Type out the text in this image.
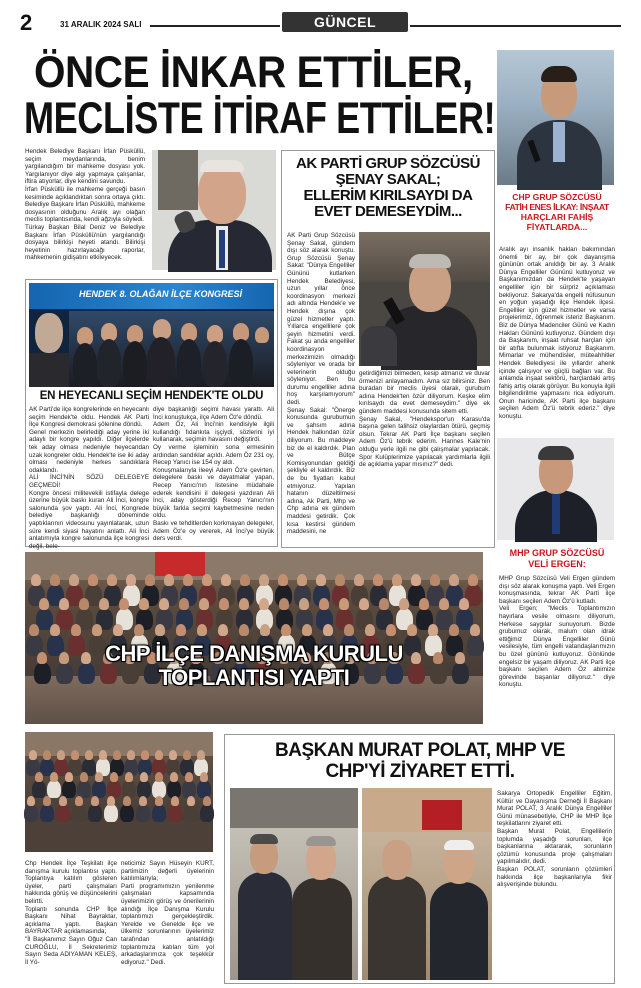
2	31 ARALIK 2024 SALI	GÜNCEL
ÖNCE İNKAR ETTİLER,
MECLİSTE İTİRAF ETTİLER!
CHP GRUP SÖZCÜSÜ
FATİH ENES İLKAY: İNŞAAT
HARÇLARI FAHİŞ
FİYATLARDA...
Aralık ayı insanlık hakları bakımından önemli bir ay, bir çok dayanışma gününün ortak anıldığı bir ay. 3 Aralık Dünya Engelliler Gününü kutluyoruz ve Başkanımızdan da Hendek'te yaşayan engelliler için bir sürpriz açıklaması bekliyoruz. Sakarya'da engelli nüfusunun en yoğun yaşadığı ilçe Hendek ilçesi. Engelliler için güzel hizmetler ve varsa projelerimiz, öğrenmek isteriz Başkanım. Biz de Dünya Madenciler Günü ve Kadın Hakları Gününü kutluyoruz. Gündem dışı da Başkanım, inşaat ruhsat harçları için bir atıfta bulunmak istiyoruz Başkanım. Mimarlar ve mühendisler, müteahhitler Hendek Belediyesi ile yıllardır ahenk içinde çalışıyor ve güçlü bağları var. Bu anlamda inşaat sektörü, harçlardaki artış fahiş artış olarak görüyor. Bu konuyla ilgili bilgilendirilme yapmasını rica ediyorum. Onun haricinde, AK Parti ilçe başkanı seçilen Adem Öz'ü tebrik ederiz." diye konuştu.
MHP GRUP SÖZCÜSÜ
VELİ ERGEN:
MHP Grup Sözcüsü Veli Ergen gündem dışı söz alarak konuşma yaptı. Veli Ergen konuşmasında, tekrar AK Parti ilçe başkanı seçilen Adem Öz'ü kutladı.
Veli Ergen; "Meclis Toplantımızın hayırlara vesile olmasını diliyorum, Herkese saygılar sunuyorum. Bizde grubumuz olarak, malum olan idrak ettiğimiz Dünya Engelliler Günü vesilesiyle, tüm engelli vatandaşlarımızın bu özel gününü kutluyoruz. Gönlünde engelsiz bir yaşam diliyoruz. AK Parti ilçe başkanı seçilen Adem Öz abimize görevinde başarılar diliyoruz." diye konuştu.
Hendek Belediye Başkanı İrfan Püsküllü, seçim meydanlarında, benim yargılandığım bir mahkeme dosyası yok. Yargılanıyor diye algı yapmaya çalışanlar, iftira atıyorlar, diye kendini savundu.
İrfan Püsküllü ile mahkeme gerçeği basın kesiminde açıklandıktan sonra ortaya çıktı. Belediye Başkanı İrfan Püsküllü, mahkeme dosyasının olduğunu Aralık ayı olağan meclis toplantısında, kendi ağzıyla söyledi.
Türkay Başkan Bilal Deniz ve Belediye Başkanı İrfan Püsküllü'nün yargılandığı dosyaya bilirkişi heyeti atandı. Bilirkişi heyetinin hazırlayacağı raporlar, mahkemenin gidişatını etkileyecek.
AK PARTİ GRUP SÖZCÜSÜ
ŞENAY SAKAL;
ELLERİM KIRILSAYDI DA
EVET DEMESEYDİM...
AK Parti Grup Sözcüsü Şenay Sakal, gündem dışı söz alarak konuştu. Grup Sözcüsü Şenay Sakal: "Dünya Engelliler Gününü kutlarken Hendek Belediyesi, uzun yıllar önce koordinasyon merkezi adı altında Hendek'e ve Hendek dışına çok güzel hizmetler yaptı. Yıllarca engellilere çok şeyin hizmetini verdi. Fakat şu anda engelliler koordinasyon merkezimizin olmadığı söyleniyor ve orada bir veterinerin olduğu söyleniyor. Ben bu durumu engelliler adına hoş karşılamıyorum" dedi.
Şenay Sakal: "Önerge konusunda gurubumun ve şahsım adına Hendek halkından özür diliyorum. Bu maddeye biz de el kaldırdık. Plan ve Bütçe Komisyonundan geldiği şekliyle el kaldırdık. Biz de bu fiyatları kabul etmiyoruz. Yapılan hatanın düzeltilmesi adına, Ak Parti, Mhp ve Chp adına ek gündem maddesi getirdik. Çok kısa kestirsi gündem maddesini, ne
getirdiğimizi bilmeden, kesip atmanız ve duvar örmenizi anlayamadım. Ama siz bilirsiniz. Ben buradan bir meclis üyesi olarak, gurubum adına Hendek'ten özür diliyorum. Keşke elim kırılsaydı da evet demeseydim." diye ek gündem maddesi konusunda sitem etti.
Şenay Sakal, "Hendekspor'un Karasu'da başına gelen talihsiz olaylardan ötürü, geçmiş olsun. Tekrar AK Parti İlçe başkanı seçilen Adem Öz'ü tebrik ederim. Hannes Kale'nin olduğu yerle ilgili ne gibi çalışmalar yapılacak. Spor Kulüplerimize yapılacak yardımlarla ilgili de açıklama yapar mısınız?" dedi.
HENDEK 8. OLAĞAN İLÇE KONGRESİ
EN HEYECANLI SEÇİM HENDEK'TE OLDU
AK Parti'de ilçe kongrelerinde en heyecanlı seçim Hendek'te oldu. Hendek AK Parti İlçe Kongresi demokrasi şölenine döndü.
Genel merkezin belirlediği aday yerine iki adaylı bir kongre yapıldı. Diğer ilçelerde tek aday olması nedeniyle heyecandan uzak kongreler oldu. Hendek'te ise iki aday olması nedeniyle herkes sandıklara odaklandı.
ALİ İNCİ'NİN SÖZÜ DELEGEYE GEÇMEDİ!
Kongre öncesi militevekili istifayla delege üzerine büyük baskı kuran Ali İnci, kongre salonunda şov yaptı. Ali İnci, Kongrede belediye başkanlığı döneminde yaptıklarının videosunu yayınlatarak, uzun süre kendi siyasi hayatını anlattı. Ali İnci anlatımıyla kongre salonunda ilçe kongresi değil, bele-
diye başkanlığı seçimi havası yarattı. Ali İnci konuştukça, ilçe Adem Öz'e döndü.
Adem Öz, Ali İnci'nin kendisiyle ilgili kullandığı fıdankıta işçiydi, sözlerini iyi kullanarak, seçimin havasını değiştirdi.
Oy verme işleminin sona ermesinin ardından sandıklar açıldı. Adem Öz 231 oy, Recep Yanıcı ise 154 oy aldı.
Konuşmalarıyla ileeyi Adem Öz'e çevirten, delegelere baskı ve dayatmalar yapan, Recep Yanıcı'nın listesine müdahale ederek kendisini il delegesi yazdıran Ali İnci, aday gösterdiği Recep Yanıcı'nın büyük farkla seçimi kaybetmesine neden oldu.
Baskı ve tehditlerden korkmayan delegeler, Adem Öz'e oy vererek, Ali İnci'ye büyük ders verdi.
CHP İLÇE DANIŞMA KURULU
TOPLANTISI YAPTI
Chp Hendek İlçe Teşkilatı ilçe danışma kurulu toplantısı yaptı. Toplantıya katılım gösteren üyeler, parti çalışmaları hakkında görüş ve düşüncelerini belirtti.
Toplantı sonunda CHP İlçe Başkanı Nihat Bayraktar, açıklama yaptı. Başkan BAYRAKTAR açıklamasında;
"İl Başkanımız Sayın Oğuz Can CUROĞLU, İl Sekreterimiz Sayın Seda ADIYAMAN KELEŞ, İl Yö-
neticimiz Sayın Hüseyin KURT, partimizin değerli üyelerinin katılımlarıyla;
Parti programımızın yenilenme çalışmaları kapsamında üyelerimizin görüş ve önerilerinin alındığı İlçe Danışma Kurulu toplantımızı gerçekleştirdik. Yerelde ve Genelde ilçe ve ülkemiz sorunlarının üyelerimiz tarafından anlatıldığı toplantımıza katılan tüm yol arkadaşlarımıza çok teşekkür ediyoruz." Dedi.
BAŞKAN MURAT POLAT, MHP VE
CHP'Yİ ZİYARET ETTİ.
Sakarya Ortopedik Engelliler Eğitim, Kültür ve Dayanışma Derneği İl Başkanı Murat POLAT, 3 Aralık Dünya Engelliler Günü münasebetiyle, CHP ile MHP İlçe teşkilatlarını ziyaret etti.
Başkan Murat Polat, Engellilerin toplumda yaşadığı sorunları, ilçe başkanlarına aktararak, sorunların çözümü konusunda proje çalışmaları yapılmalıdır, dedi.
Başkan POLAT, sorunların çözümleri hakkında ilçe başkanlarıyla fikir alışverişinde bulundu.
